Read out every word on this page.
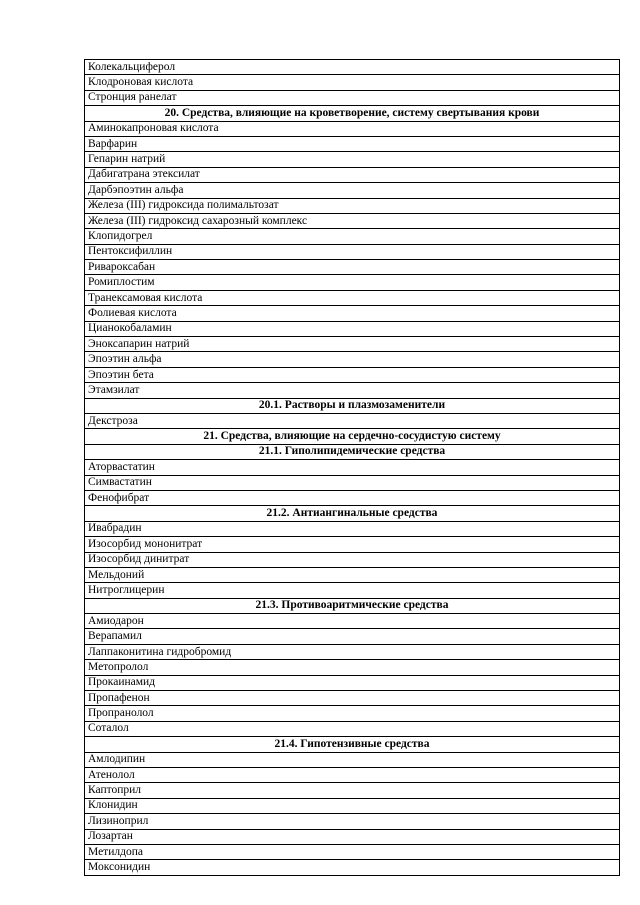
Колекальциферол
Клодроновая кислота
Стронция ранелат
20. Средства, влияющие на кроветворение, систему свертывания крови
Аминокапроновая кислота
Варфарин
Гепарин натрий
Дабигатрана этексилат
Дарбэпоэтин альфа
Железа (III) гидроксида полимальтозат
Железа (III) гидроксид сахарозный комплекс
Клопидогрел
Пентоксифиллин
Ривароксабан
Ромиплостим
Транексамовая кислота
Фолиевая кислота
Цианокобаламин
Эноксапарин натрий
Эпоэтин альфа
Эпоэтин бета
Этамзилат
20.1. Растворы и плазмозаменители
Декстроза
21. Средства, влияющие на сердечно-сосудистую систему
21.1. Гиполипидемические средства
Аторвастатин
Симвастатин
Фенофибрат
21.2. Антиангинальные средства
Ивабрадин
Изосорбид мононитрат
Изосорбид динитрат
Мельдоний
Нитроглицерин
21.3. Противоаритмические средства
Амиодарон
Верапамил
Лаппаконитина гидробромид
Метопролол
Прокаинамид
Пропафенон
Пропранолол
Соталол
21.4. Гипотензивные средства
Амлодипин
Атенолол
Каптоприл
Клонидин
Лизиноприл
Лозартан
Метилдопа
Моксонидин
